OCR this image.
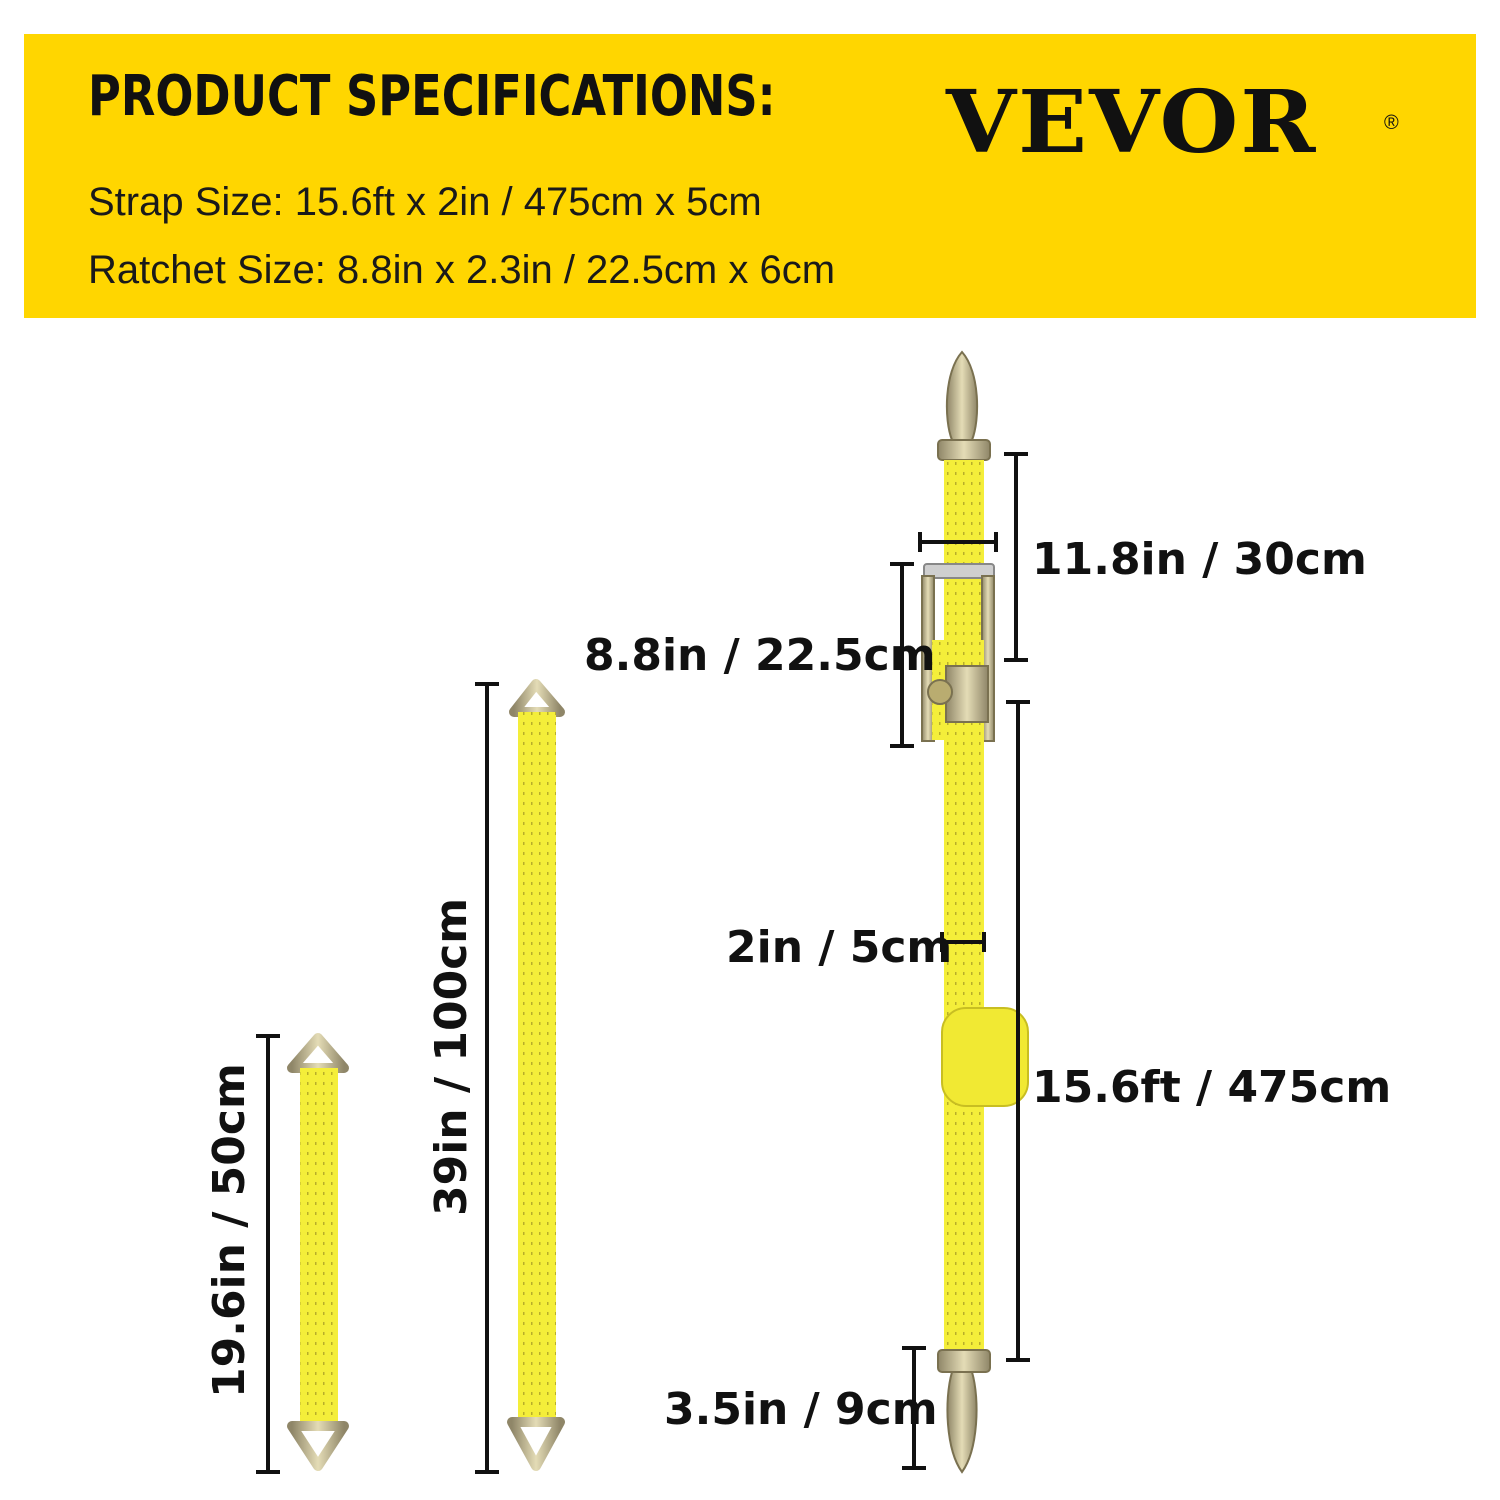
PRODUCT SPECIFICATIONS:

Strap Size: 15.6ft x 2in / 475cm x 5cm

Ratchet Size: 8.8in x 2.3in / 22.5cm x 6cm

VEVOR	®
19.6in / 50cm
39in / 100cm
11.8in / 30cm
8.8in / 22.5cm
2in / 5cm
15.6ft / 475cm
3.5in / 9cm
